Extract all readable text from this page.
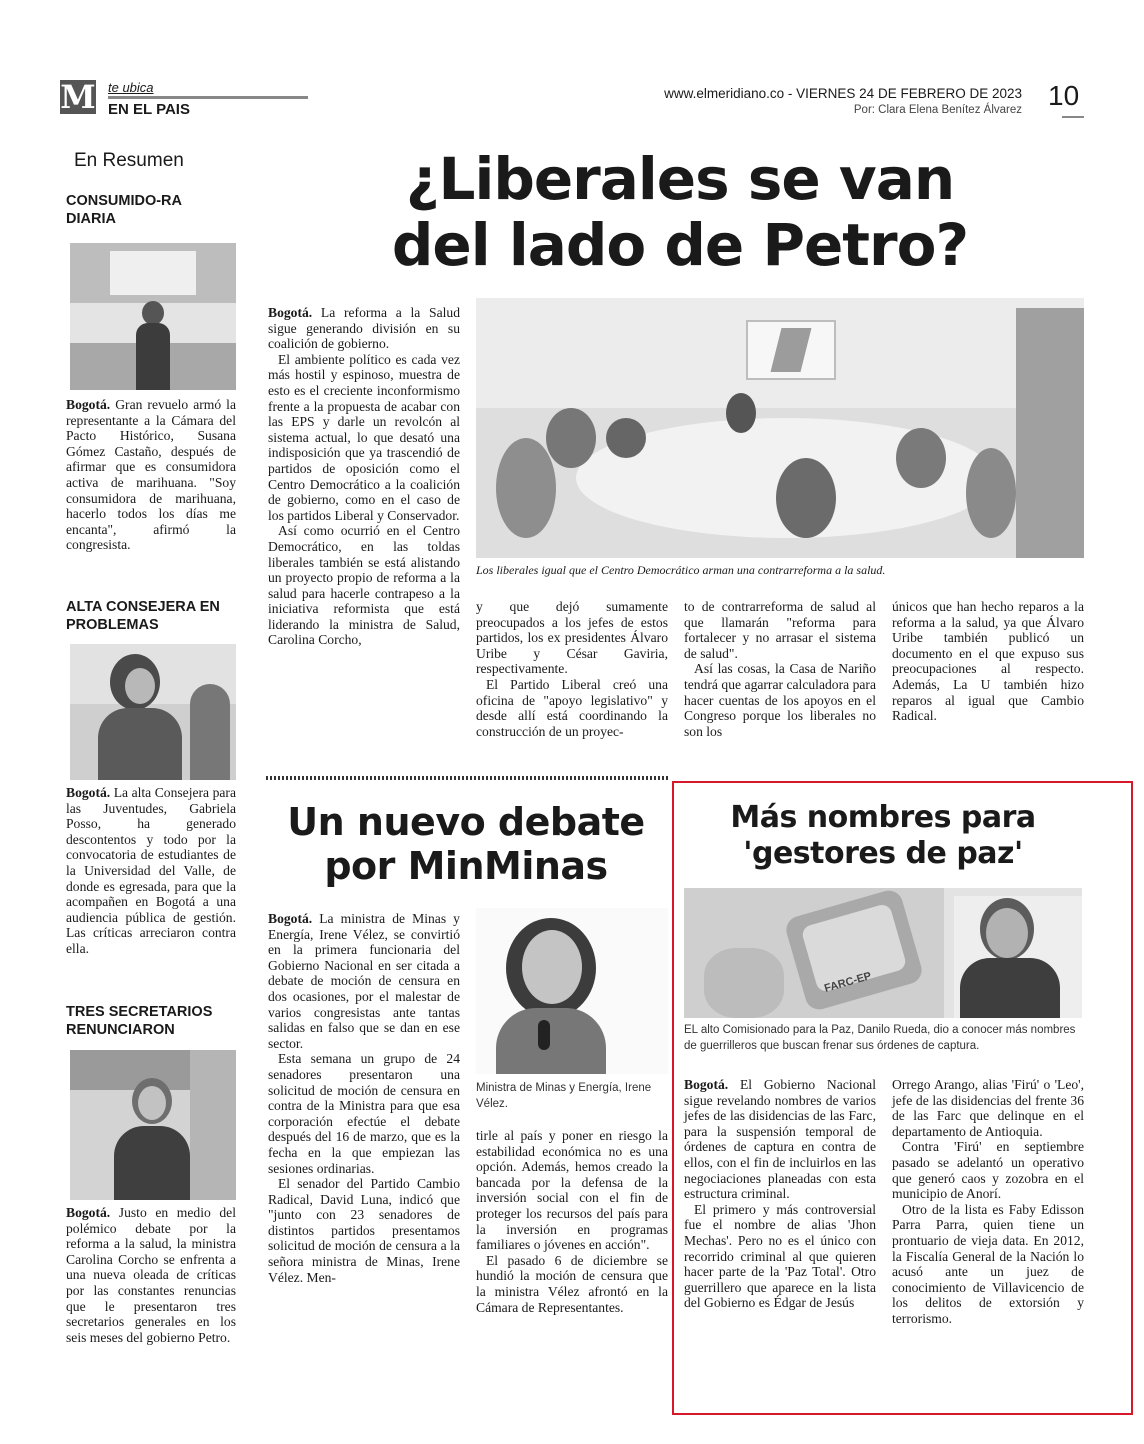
M te ubica
EN EL PAIS
www.elmeridiano.co - VIERNES 24 DE FEBRERO DE 2023
Por: Clara Elena Benítez Álvarez 10
En Resumen
CONSUMIDO-RA DIARIA
Bogotá. Gran revuelo armó la representante a la Cámara del Pacto Histórico, Susana Gómez Castaño, después de afirmar que es consumidora activa de marihuana. "Soy consumidora de marihuana, hacerlo todos los días me encanta", afirmó la congresista.
ALTA CONSEJERA EN PROBLEMAS
Bogotá. La alta Consejera para las Juventudes, Gabriela Posso, ha generado descontentos y todo por la convocatoria de estudiantes de la Universidad del Valle, de donde es egresada, para que la acompañen en Bogotá a una audiencia pública de gestión. Las críticas arreciaron contra ella.
TRES SECRETARIOS RENUNCIARON
Bogotá. Justo en medio del polémico debate por la reforma a la salud, la ministra Carolina Corcho se enfrenta a una nueva oleada de críticas por las constantes renuncias que le presentaron tres secretarios generales en los seis meses del gobierno Petro.
¿Liberales se van
del lado de Petro?

Bogotá. La reforma a la Salud sigue generando división en su coalición de gobierno.

El ambiente político es cada vez más hostil y espinoso, muestra de esto es el creciente inconformismo frente a la propuesta de acabar con las EPS y darle un revolcón al sistema actual, lo que desató una indisposición que ya trascendió de partidos de oposición como el Centro Democrático a la coalición de gobierno, como en el caso de los partidos Liberal y Conservador.

Así como ocurrió en el Centro Democrático, en las toldas liberales también se está alistando un proyecto propio de reforma a la salud para hacerle contrapeso a la iniciativa reformista que está liderando la ministra de Salud, Carolina Corcho,

Los liberales igual que el Centro Democrático arman una contrarreforma a la salud.

y que dejó sumamente preocupados a los jefes de estos partidos, los ex presidentes Álvaro Uribe y César Gaviria, respectivamente.

El Partido Liberal creó una oficina de "apoyo legislativo" y desde allí está coordinando la construcción de un proyec-

to de contrarreforma de salud al que llamarán "reforma para fortalecer y no arrasar el sistema de salud".

Así las cosas, la Casa de Nariño tendrá que agarrar calculadora para hacer cuentas de los apoyos en el Congreso porque los liberales no son los

únicos que han hecho reparos a la reforma a la salud, ya que Álvaro Uribe también publicó un documento en el que expuso sus preocupaciones al respecto. Además, La U también hizo reparos al igual que Cambio Radical.

Un nuevo debate
por MinMinas

Bogotá. La ministra de Minas y Energía, Irene Vélez, se convirtió en la primera funcionaria del Gobierno Nacional en ser citada a debate de moción de censura en dos ocasiones, por el malestar de varios congresistas ante tantas salidas en falso que se dan en ese sector.

Esta semana un grupo de 24 senadores presentaron una solicitud de moción de censura en contra de la Ministra para que esa corporación efectúe el debate después del 16 de marzo, que es la fecha en la que empiezan las sesiones ordinarias.

El senador del Partido Cambio Radical, David Luna, indicó que "junto con 23 senadores de distintos partidos presentamos solicitud de moción de censura a la señora ministra de Minas, Irene Vélez. Men-

Ministra de Minas y Energía, Irene Vélez.

tirle al país y poner en riesgo la estabilidad económica no es una opción. Además, hemos creado la bancada por la defensa de la inversión social con el fin de proteger los recursos del país para la inversión en programas familiares o jóvenes en acción".

El pasado 6 de diciembre se hundió la moción de censura que la ministra Vélez afrontó en la Cámara de Representantes.

Más nombres para
'gestores de paz'
FARC-EP
EL alto Comisionado para la Paz, Danilo Rueda, dio a conocer más nombres de guerrilleros que buscan frenar sus órdenes de captura.

Bogotá. El Gobierno Nacional sigue revelando nombres de varios jefes de las disidencias de las Farc, para la suspensión temporal de órdenes de captura en contra de ellos, con el fin de incluirlos en las negociaciones planeadas con esta estructura criminal.

El primero y más controversial fue el nombre de alias 'Jhon Mechas'. Pero no es el único con recorrido criminal al que quieren hacer parte de la 'Paz Total'. Otro guerrillero que aparece en la lista del Gobierno es Édgar de Jesús

Orrego Arango, alias 'Firú' o 'Leo', jefe de las disidencias del frente 36 de las Farc que delinque en el departamento de Antioquia.

Contra 'Firú' en septiembre pasado se adelantó un operativo que generó caos y zozobra en el municipio de Anorí.

Otro de la lista es Faby Edisson Parra Parra, quien tiene un prontuario de vieja data. En 2012, la Fiscalía General de la Nación lo acusó ante un juez de conocimiento de Villavicencio de los delitos de extorsión y terrorismo.
